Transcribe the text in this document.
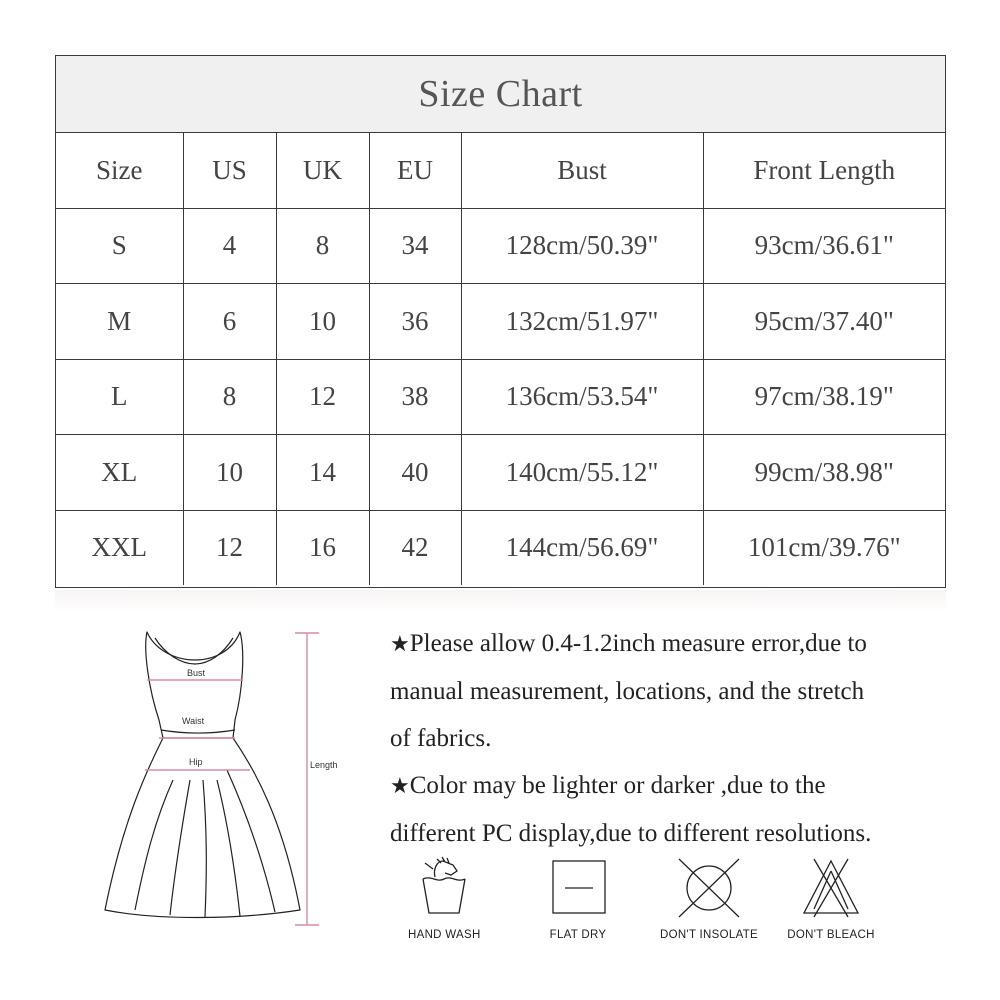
Size Chart
Size	US	UK	EU	Bust	Front Length
S	4	8	34	128cm/50.39"	93cm/36.61"
M	6	10	36	132cm/51.97"	95cm/37.40"
L	8	12	38	136cm/53.54"	97cm/38.19"
XL	10	14	40	140cm/55.12"	99cm/38.98"
XXL	12	16	42	144cm/56.69"	101cm/39.76"
Bust
Waist
Hip	Length

★Please allow 0.4-1.2inch measure error,due to

manual measurement, locations, and the stretch

of fabrics.

★Color may be lighter or darker ,due to the

different PC display,due to different resolutions.

HAND WASH	FLAT DRY	DON'T INSOLATE	DON'T BLEACH
